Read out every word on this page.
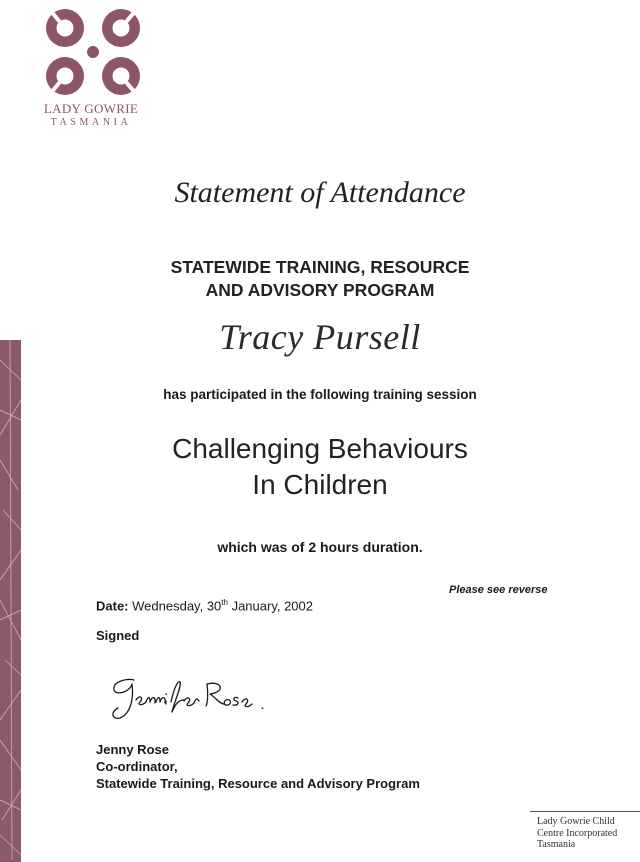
LADY GOWRIE
TASMANIA
Statement of Attendance
STATEWIDE TRAINING, RESOURCE
AND ADVISORY PROGRAM
Tracy Pursell
has participated in the following training session
Challenging Behaviours
In Children
which was of 2 hours duration.
Please see reverse
Date: Wednesday, 30th January, 2002
Signed
Jenny Rose
Co-ordinator,
Statewide Training, Resource and Advisory Program
Lady Gowrie Child
Centre Incorporated
Tasmania
